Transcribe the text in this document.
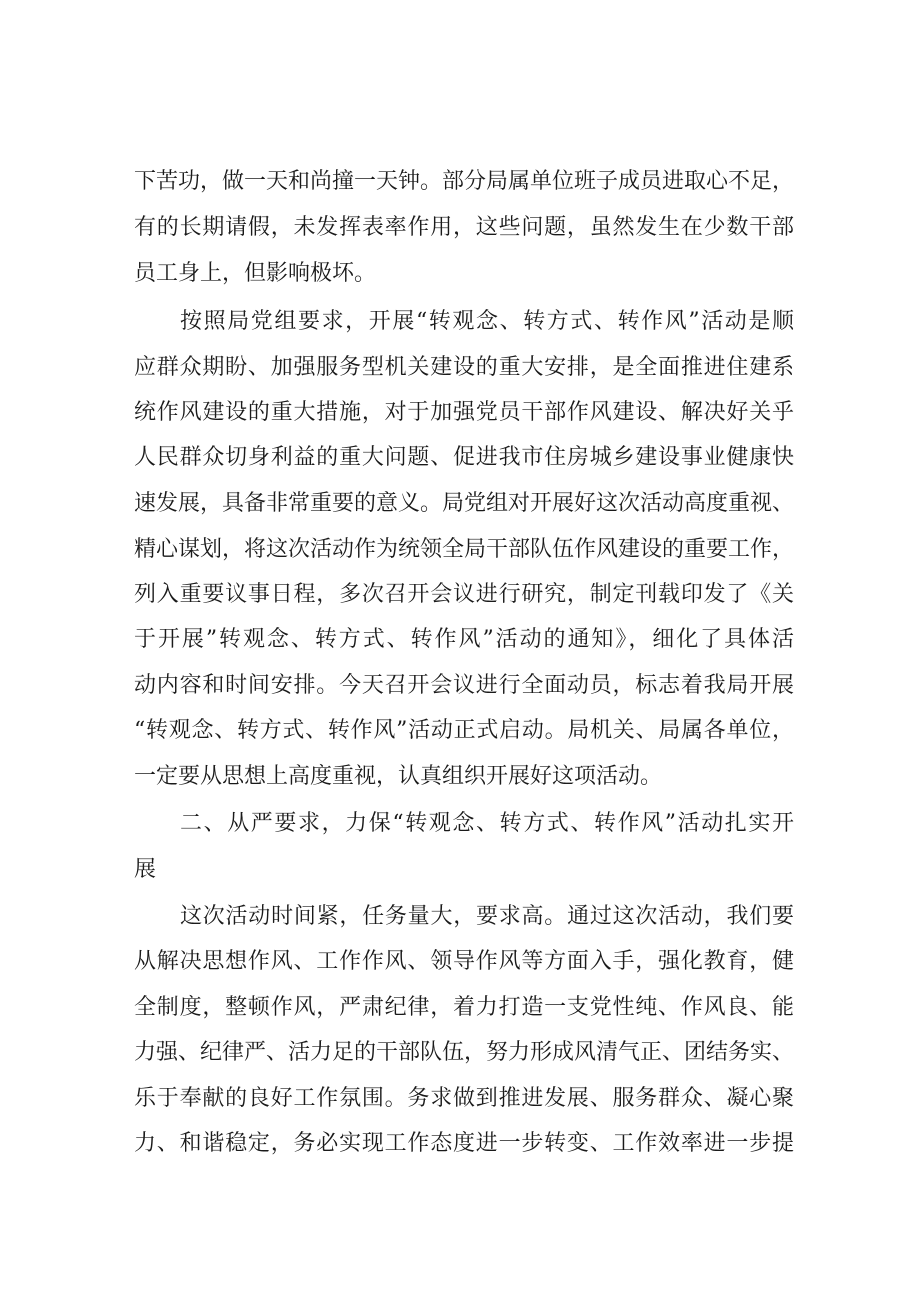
下苦功，做一天和尚撞一天钟。部分局属单位班子成员进取心不足，

有的长期请假，未发挥表率作用，这些问题，虽然发生在少数干部

员工身上，但影响极坏。

按照局党组要求，开展“转观念、转方式、转作风”活动是顺

应群众期盼、加强服务型机关建设的重大安排，是全面推进住建系

统作风建设的重大措施，对于加强党员干部作风建设、解决好关乎

人民群众切身利益的重大问题、促进我市住房城乡建设事业健康快

速发展，具备非常重要的意义。局党组对开展好这次活动高度重视、

精心谋划，将这次活动作为统领全局干部队伍作风建设的重要工作，

列入重要议事日程，多次召开会议进行研究，制定刊载印发了《关

于开展”转观念、转方式、转作风”活动的通知》，细化了具体活

动内容和时间安排。今天召开会议进行全面动员，标志着我局开展

“转观念、转方式、转作风”活动正式启动。局机关、局属各单位，

一定要从思想上高度重视，认真组织开展好这项活动。

二、从严要求，力保“转观念、转方式、转作风”活动扎实开

展

这次活动时间紧，任务量大，要求高。通过这次活动，我们要

从解决思想作风、工作作风、领导作风等方面入手，强化教育，健

全制度，整顿作风，严肃纪律，着力打造一支党性纯、作风良、能

力强、纪律严、活力足的干部队伍，努力形成风清气正、团结务实、

乐于奉献的良好工作氛围。务求做到推进发展、服务群众、凝心聚

力、和谐稳定，务必实现工作态度进一步转变、工作效率进一步提
